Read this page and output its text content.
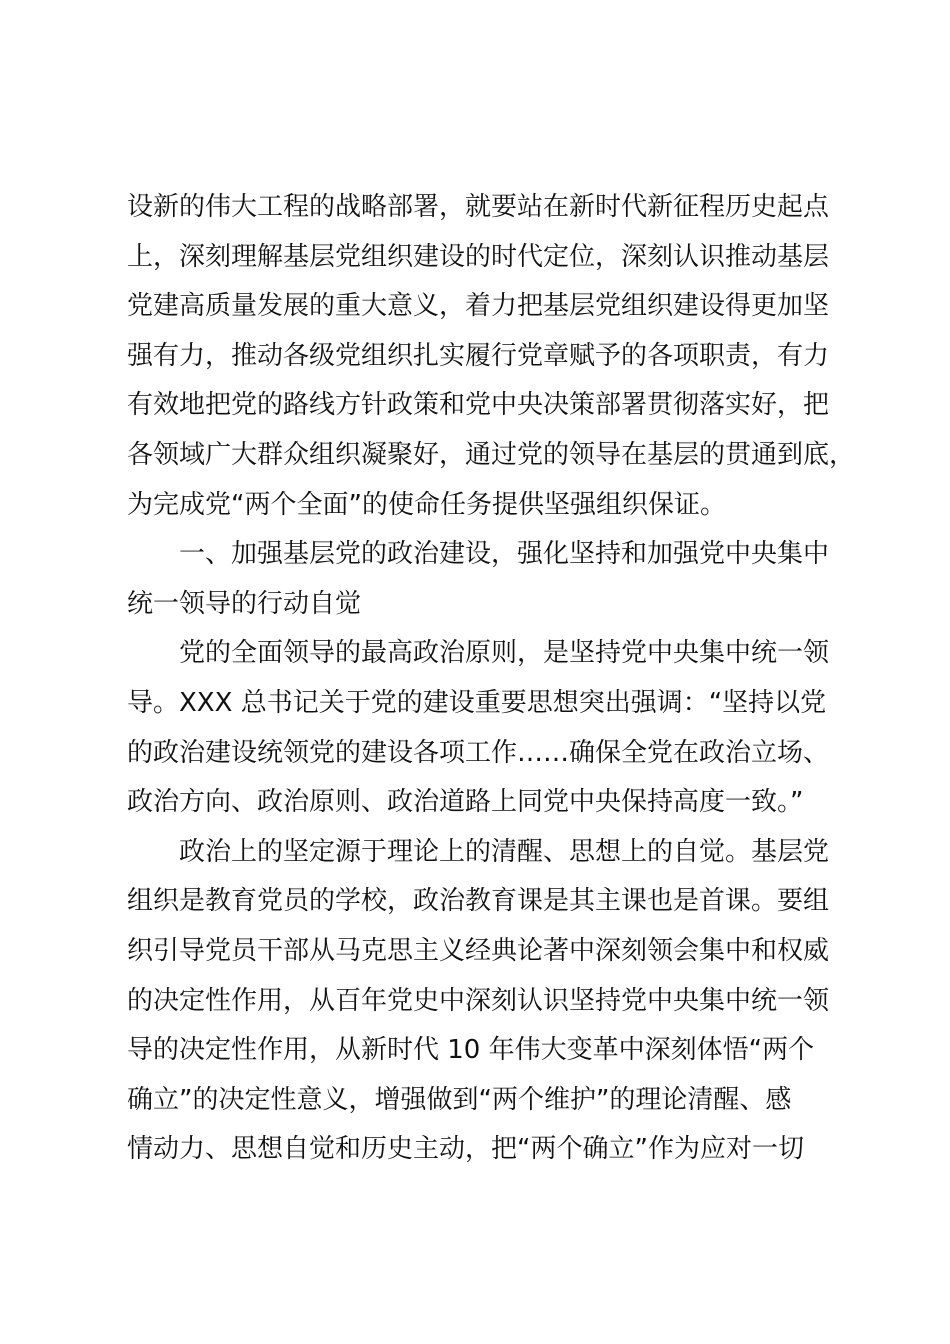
设新的伟大工程的战略部署，就要站在新时代新征程历史起点
上，深刻理解基层党组织建设的时代定位，深刻认识推动基层
党建高质量发展的重大意义，着力把基层党组织建设得更加坚
强有力，推动各级党组织扎实履行党章赋予的各项职责，有力
有效地把党的路线方针政策和党中央决策部署贯彻落实好，把
各领域广大群众组织凝聚好，通过党的领导在基层的贯通到底，
为完成党“两个全面”的使命任务提供坚强组织保证。
一、加强基层党的政治建设，强化坚持和加强党中央集中
统一领导的行动自觉
党的全面领导的最高政治原则，是坚持党中央集中统一领
导。XXX 总书记关于党的建设重要思想突出强调：“坚持以党
的政治建设统领党的建设各项工作……确保全党在政治立场、
政治方向、政治原则、政治道路上同党中央保持高度一致。”
政治上的坚定源于理论上的清醒、思想上的自觉。基层党
组织是教育党员的学校，政治教育课是其主课也是首课。要组
织引导党员干部从马克思主义经典论著中深刻领会集中和权威
的决定性作用，从百年党史中深刻认识坚持党中央集中统一领
导的决定性作用，从新时代 10 年伟大变革中深刻体悟“两个
确立”的决定性意义，增强做到“两个维护”的理论清醒、感
情动力、思想自觉和历史主动，把“两个确立”作为应对一切
